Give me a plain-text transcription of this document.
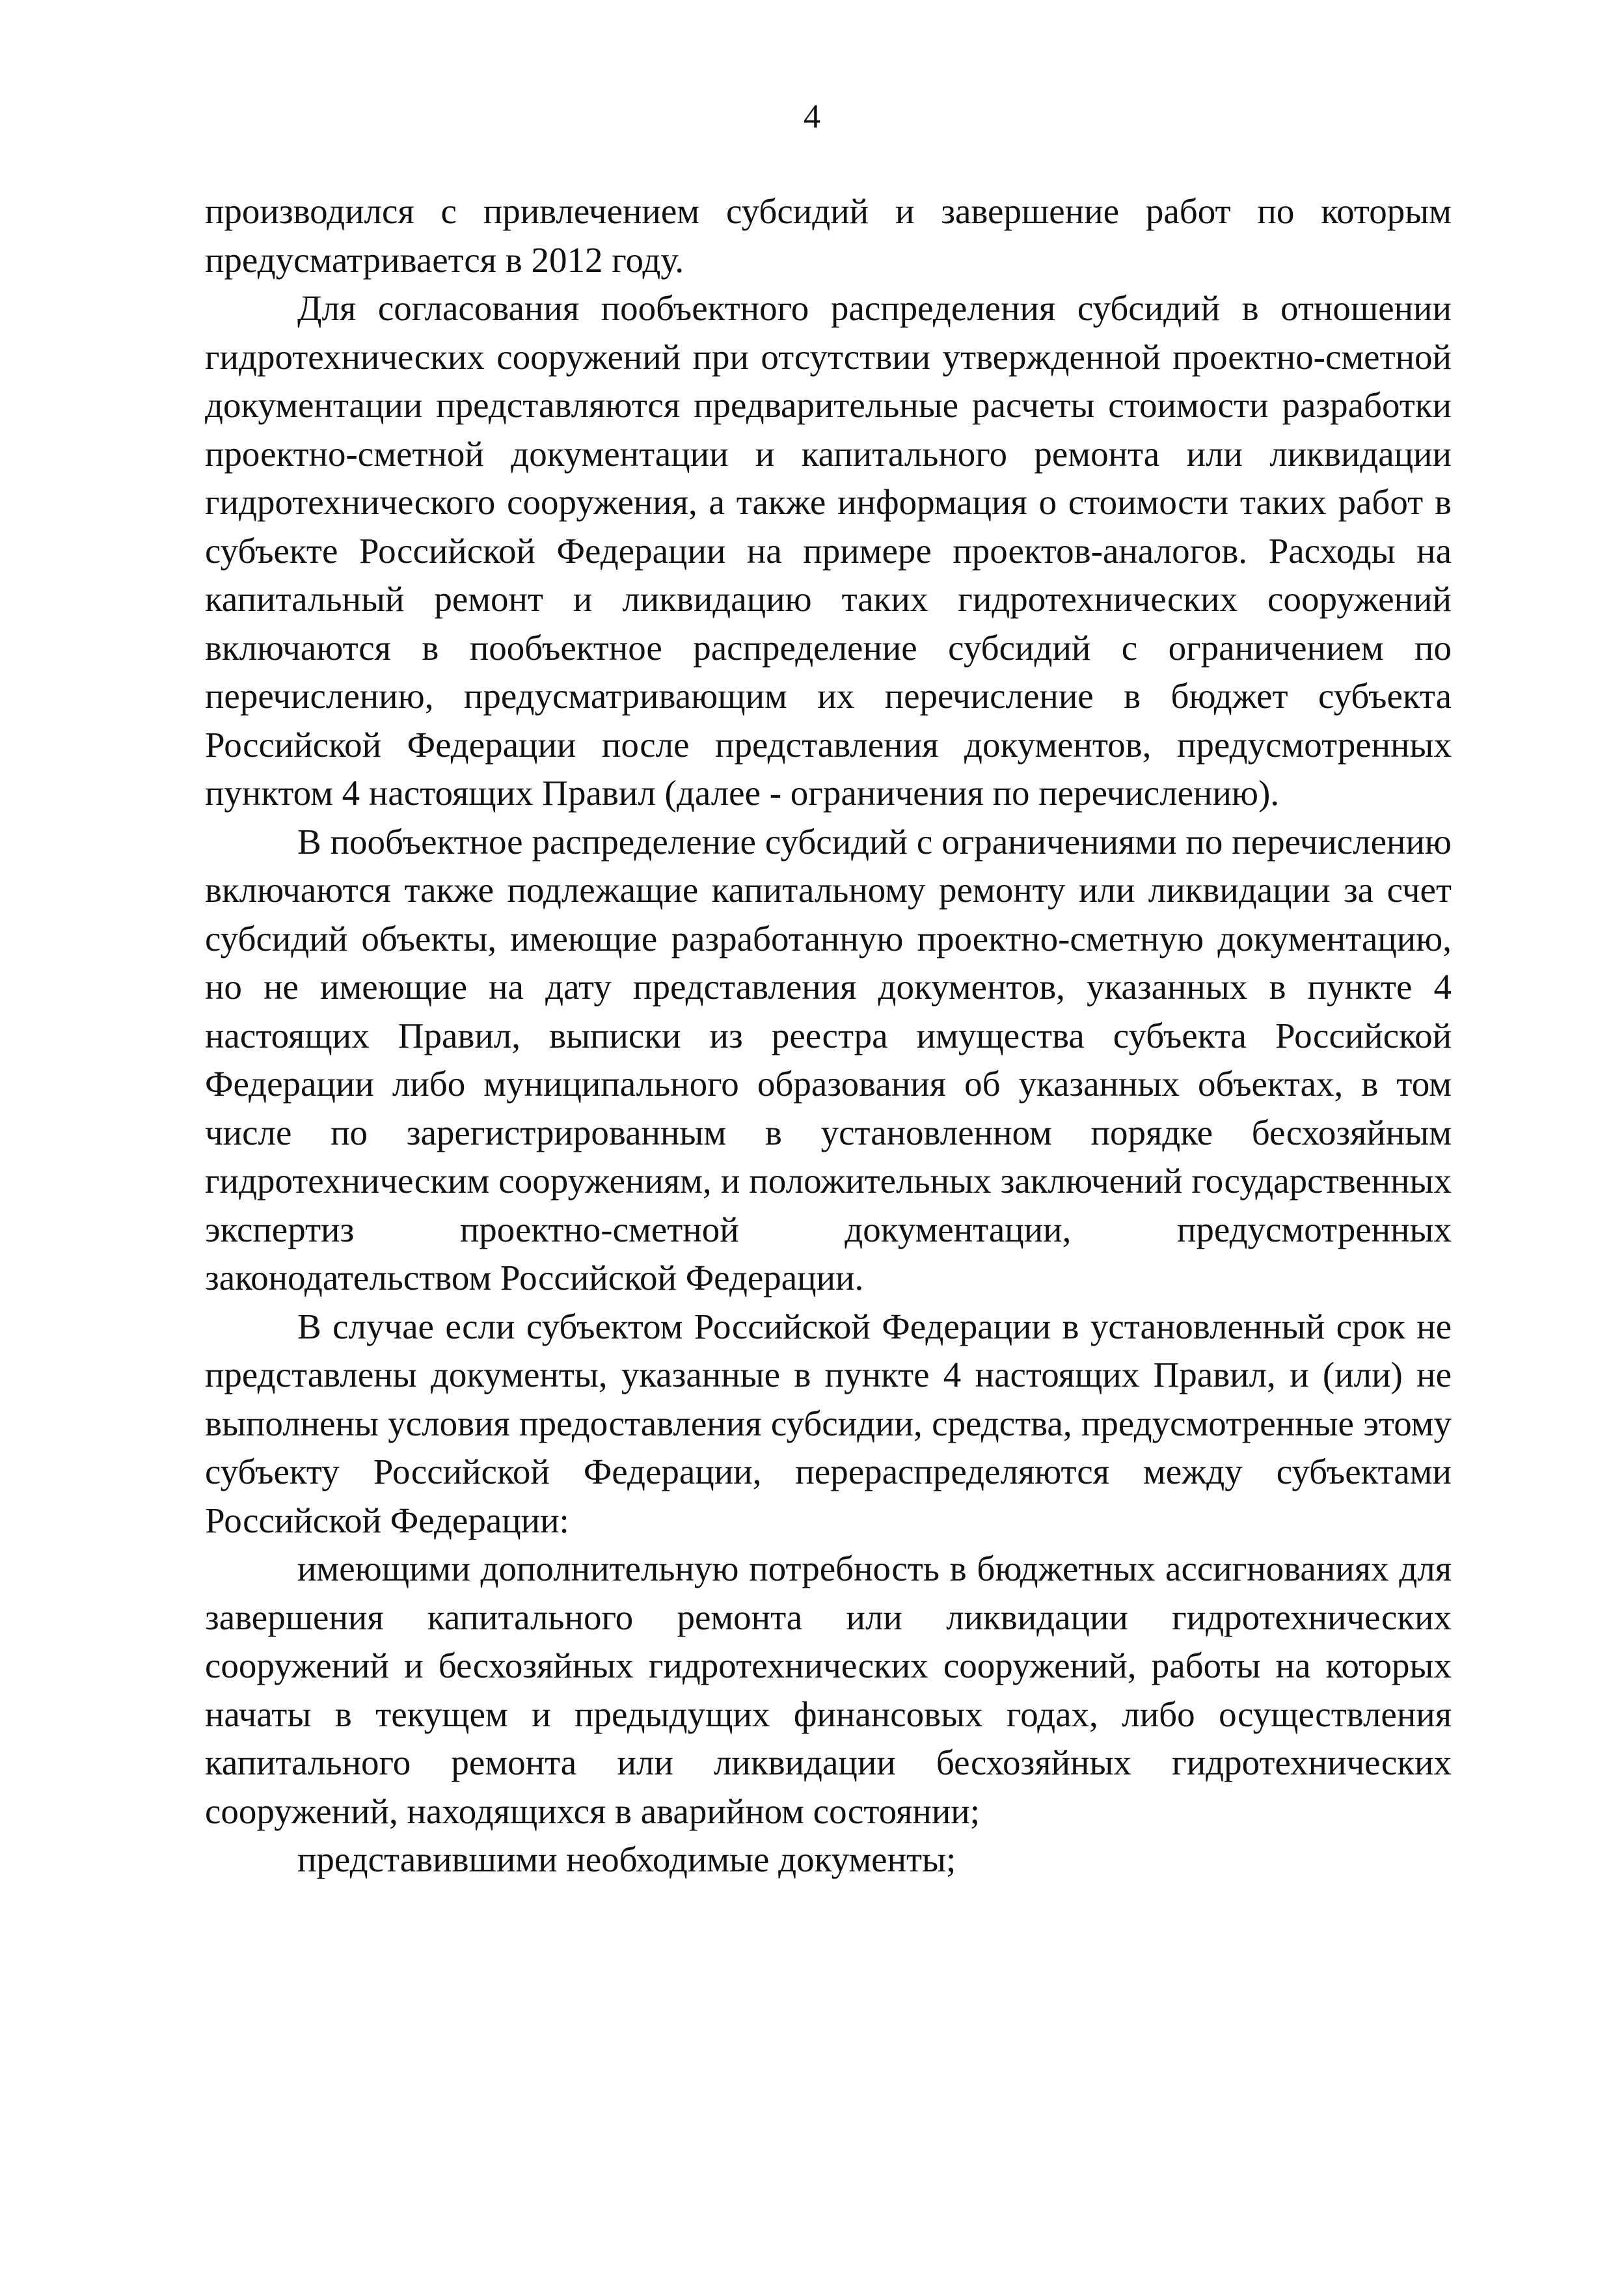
4

производился с привлечением субсидий и завершение работ по которым предусматривается в 2012 году.

Для согласования пообъектного распределения субсидий в отношении гидротехнических сооружений при отсутствии утвержденной проектно-сметной документации представляются предварительные расчеты стоимости разработки проектно-сметной документации и капитального ремонта или ликвидации гидротехнического сооружения, а также информация о стоимости таких работ в субъекте Российской Федерации на примере проектов-аналогов. Расходы на капитальный ремонт и ликвидацию таких гидротехнических сооружений включаются в пообъектное распределение субсидий с ограничением по перечислению, предусматривающим их перечисление в бюджет субъекта Российской Федерации после представления документов, предусмотренных пунктом 4 настоящих Правил (далее - ограничения по перечислению).

В пообъектное распределение субсидий с ограничениями по перечислению включаются также подлежащие капитальному ремонту или ликвидации за счет субсидий объекты, имеющие разработанную проектно-сметную документацию, но не имеющие на дату представления документов, указанных в пункте 4 настоящих Правил, выписки из реестра имущества субъекта Российской Федерации либо муниципального образования об указанных объектах, в том числе по зарегистрированным в установленном порядке бесхозяйным гидротехническим сооружениям, и положительных заключений государственных экспертиз проектно-сметной документации, предусмотренных законодательством Российской Федерации.

В случае если субъектом Российской Федерации в установленный срок не представлены документы, указанные в пункте 4 настоящих Правил, и (или) не выполнены условия предоставления субсидии, средства, предусмотренные этому субъекту Российской Федерации, перераспределяются между субъектами Российской Федерации:

имеющими дополнительную потребность в бюджетных ассигнованиях для завершения капитального ремонта или ликвидации гидротехнических сооружений и бесхозяйных гидротехнических сооружений, работы на которых начаты в текущем и предыдущих финансовых годах, либо осуществления капитального ремонта или ликвидации бесхозяйных гидротехнических сооружений, находящихся в аварийном состоянии;

представившими необходимые документы;
